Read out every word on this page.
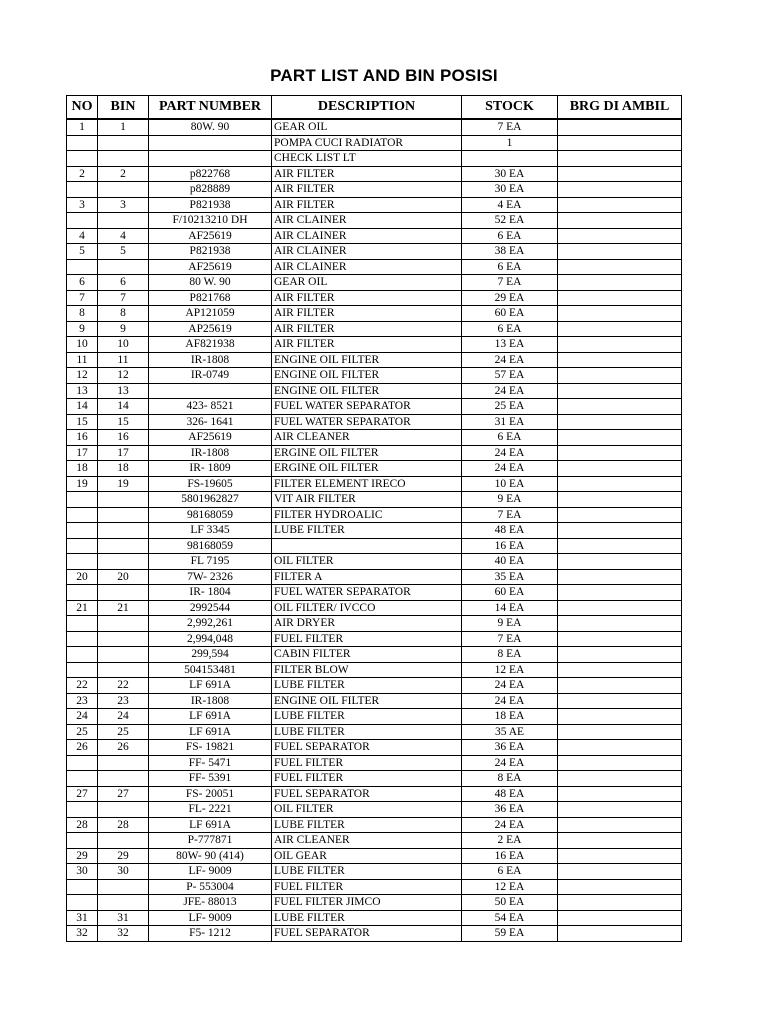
PART LIST AND BIN POSISI
NO	BIN	PART NUMBER	DESCRIPTION	STOCK	BRG DI AMBIL
1	1	80W. 90	GEAR OIL	7 EA	
			POMPA CUCI RADIATOR	1	
			CHECK LIST LT		
2	2	p822768	AIR FILTER	30 EA	
		p828889	AIR FILTER	30 EA	
3	3	P821938	AIR FILTER	4 EA	
		F/10213210 DH	AIR CLAINER	52 EA	
4	4	AF25619	AIR CLAINER	6 EA	
5	5	P821938	AIR CLAINER	38 EA	
		AF25619	AIR CLAINER	6 EA	
6	6	80 W. 90	GEAR OIL	7 EA	
7	7	P821768	AIR FILTER	29 EA	
8	8	AP121059	AIR FILTER	60 EA	
9	9	AP25619	AIR FILTER	6 EA	
10	10	AF821938	AIR FILTER	13 EA	
11	11	IR-1808	ENGINE OIL FILTER	24 EA	
12	12	IR-0749	ENGINE OIL FILTER	57 EA	
13	13		ENGINE OIL FILTER	24 EA	
14	14	423- 8521	FUEL WATER SEPARATOR	25 EA	
15	15	326- 1641	FUEL WATER SEPARATOR	31 EA	
16	16	AF25619	AIR CLEANER	6 EA	
17	17	IR-1808	ERGINE OIL FILTER	24 EA	
18	18	IR- 1809	ERGINE OIL FILTER	24 EA	
19	19	FS-19605	FILTER ELEMENT IRECO	10 EA	
		5801962827	VIT AIR FILTER	9 EA	
		98168059	FILTER HYDROALIC	7 EA	
		LF 3345	LUBE FILTER	48 EA	
		98168059		16 EA	
		FL 7195	OIL FILTER	40 EA	
20	20	7W- 2326	FILTER A	35 EA	
		IR- 1804	FUEL WATER SEPARATOR	60 EA	
21	21	2992544	OIL FILTER/ IVCCO	14 EA	
		2,992,261	AIR DRYER	9 EA	
		2,994,048	FUEL FILTER	7 EA	
		299,594	CABIN FILTER	8 EA	
		504153481	FILTER BLOW	12 EA	
22	22	LF 691A	LUBE FILTER	24 EA	
23	23	IR-1808	ENGINE OIL FILTER	24 EA	
24	24	LF 691A	LUBE FILTER	18 EA	
25	25	LF 691A	LUBE FILTER	35 AE	
26	26	FS- 19821	FUEL SEPARATOR	36 EA	
		FF- 5471	FUEL FILTER	24 EA	
		FF- 5391	FUEL FILTER	8 EA	
27	27	FS- 20051	FUEL SEPARATOR	48 EA	
		FL- 2221	OIL FILTER	36 EA	
28	28	LF 691A	LUBE FILTER	24 EA	
		P-777871	AIR CLEANER	2 EA	
29	29	80W- 90 (414)	OIL GEAR	16 EA	
30	30	LF- 9009	LUBE FILTER	6 EA	
		P- 553004	FUEL FILTER	12 EA	
		JFE- 88013	FUEL FILTER JIMCO	50 EA	
31	31	LF- 9009	LUBE FILTER	54 EA	
32	32	F5- 1212	FUEL SEPARATOR	59 EA	
